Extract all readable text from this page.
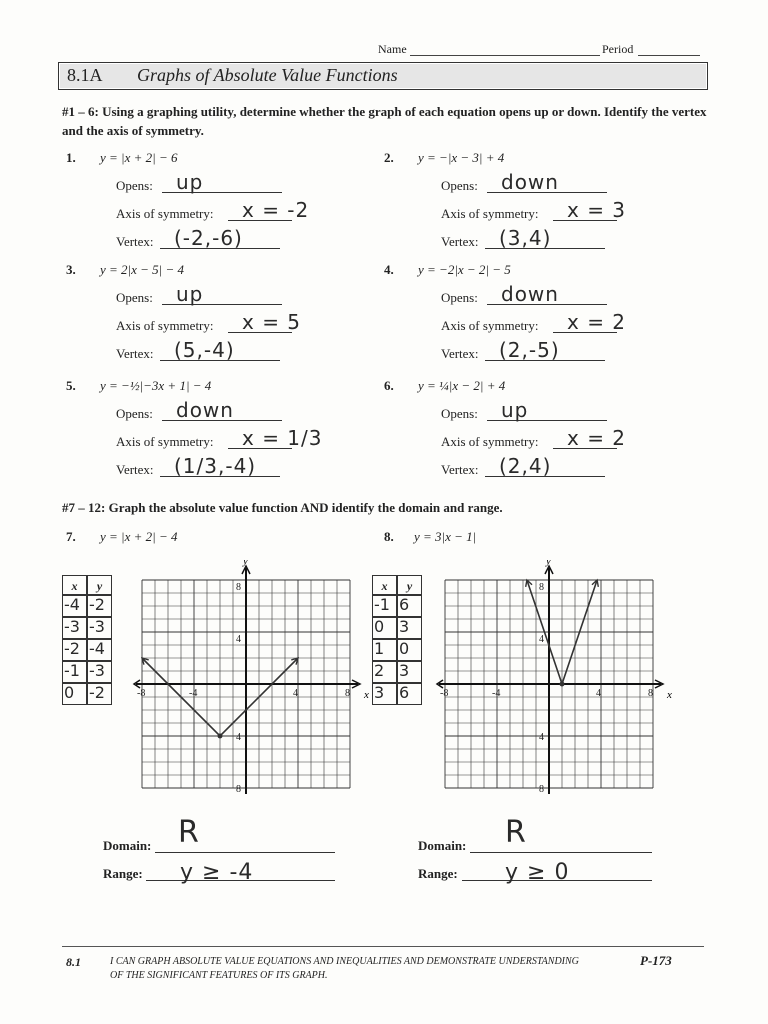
Name	Period
8.1A Graphs of Absolute Value Functions
#1 – 6: Using a graphing utility, determine whether the graph of each equation opens up or down. Identify the vertex and the axis of symmetry.
1. y = |x + 2| − 6
Opens: up
Axis of symmetry: x = -2
Vertex: (-2,-6)
2. y = −|x − 3| + 4
Opens: down
Axis of symmetry: x = 3
Vertex: (3,4)
3. y = 2|x − 5| − 4
Opens: up
Axis of symmetry: x = 5
Vertex: (5,-4)
4. y = −2|x − 2| − 5
Opens: down
Axis of symmetry: x = 2
Vertex: (2,-5)
5. y = −½|−3x + 1| − 4
Opens: down
Axis of symmetry: x = 1/3
Vertex: (1/3,-4)
6. y = ¼|x − 2| + 4
Opens: up
Axis of symmetry: x = 2
Vertex: (2,4)
#7 – 12: Graph the absolute value function AND identify the domain and range.
7. y = |x + 2| − 4	8. y = 3|x − 1|
x	y
-4 -2
-3 -3
-2 -4
-1 -3
0 -2
x	y
-1 6
0 3
1 0
2 3
3 6
x
y
-8	-4	4	8
8
4
4
8
x
y
-8	-4	4	8
8
4
4
8
Domain: R
Range: y ≥ -4
Domain: R
Range: y ≥ 0
8.1	I CAN GRAPH ABSOLUTE VALUE EQUATIONS AND INEQUALITIES AND DEMONSTRATE UNDERSTANDING
OF THE SIGNIFICANT FEATURES OF ITS GRAPH.
P-173
